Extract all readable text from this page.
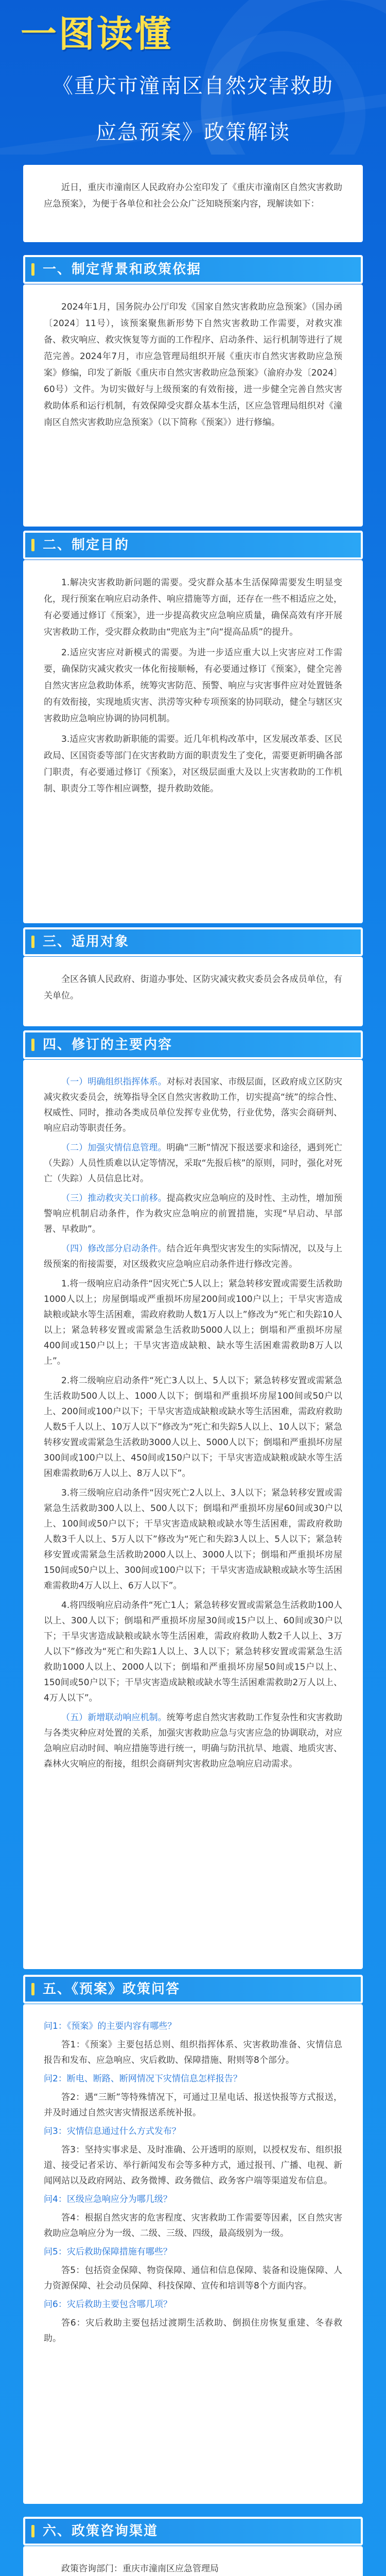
一图读懂
《重庆市潼南区自然灾害救助
应急预案》政策解读

近日，重庆市潼南区人民政府办公室印发了《重庆市潼南区自然灾害救助应急预案》，为便于各单位和社会公众广泛知晓预案内容，现解读如下：

一、制定背景和政策依据

2024年1月，国务院办公厅印发《国家自然灾害救助应急预案》（国办函〔2024〕11号），该预案聚焦新形势下自然灾害救助工作需要，对救灾准备、救灾响应、救灾恢复等方面的工作程序、启动条件、运行机制等进行了规范完善。2024年7月，市应急管理局组织开展《重庆市自然灾害救助应急预案》修编，印发了新版《重庆市自然灾害救助应急预案》（渝府办发〔2024〕60号）文件。为切实做好与上级预案的有效衔接，进一步健全完善自然灾害救助体系和运行机制，有效保障受灾群众基本生活，区应急管理局组织对《潼南区自然灾害救助应急预案》（以下简称《预案》）进行修编。

二、制定目的

1.解决灾害救助新问题的需要。受灾群众基本生活保障需要发生明显变化，现行预案在响应启动条件、响应措施等方面，还存在一些不相适应之处，有必要通过修订《预案》，进一步提高救灾应急响应质量，确保高效有序开展灾害救助工作，受灾群众救助由“兜底为主”向“提高品质”的提升。

2.适应灾害应对新模式的需要。为进一步适应重大以上灾害应对工作需要，确保防灾减灾救灾一体化衔接顺畅，有必要通过修订《预案》，健全完善自然灾害应急救助体系，统筹灾害防范、预警、响应与灾害事件应对处置链条的有效衔接，实现地质灾害、洪涝等灾种专项预案的协同联动，健全与辖区灾害救助应急响应协调的协同机制。

3.适应灾害救助新职能的需要。近几年机构改革中，区发展改革委、区民政局、区国资委等部门在灾害救助方面的职责发生了变化，需要更新明确各部门职责，有必要通过修订《预案》，对区级层面重大及以上灾害救助的工作机制、职责分工等作相应调整，提升救助效能。

三、适用对象

全区各镇人民政府、街道办事处、区防灾减灾救灾委员会各成员单位，有关单位。

四、修订的主要内容

（一）明确组织指挥体系。对标对表国家、市级层面，区政府成立区防灾减灾救灾委员会，统筹指导全区自然灾害救助工作，切实提高“统”的综合性、权威性、同时，推动各类成员单位发挥专业优势，行业优势，落实会商研判、响应启动等职责任务。

（二）加强灾情信息管理。明确“三断”情况下报送要求和途径，遇到死亡（失踪）人员性质难以认定等情况，采取“先报后核”的原则，同时，强化对死亡（失踪）人员信息比对。

（三）推动救灾关口前移。提高救灾应急响应的及时性、主动性，增加预警响应机制启动条件，作为救灾应急响应的前置措施，实现“早启动、早部署、早救助”。

（四）修改部分启动条件。结合近年典型灾害发生的实际情况，以及与上级预案的衔接需要，对区级救灾应急响应启动条件进行修改完善。

1.将一级响应启动条件“因灾死亡5人以上；紧急转移安置或需要生活救助1000人以上；房屋倒塌或严重损坏房屋200间或100户以上；干旱灾害造成缺粮或缺水等生活困难，需政府救助人数1万人以上”修改为“死亡和失踪10人以上；紧急转移安置或需紧急生活救助5000人以上；倒塌和严重损坏房屋400间或150户以上；干旱灾害造成缺粮、缺水等生活困难需救助8万人以上”。

2.将二级响应启动条件“死亡3人以上、5人以下；紧急转移安置或需紧急生活救助500人以上、1000人以下；倒塌和严重损坏房屋100间或50户以上、200间或100户以下；干旱灾害造成缺粮或缺水等生活困难，需政府救助人数5千人以上、10万人以下”修改为“死亡和失踪5人以上、10人以下；紧急转移安置或需紧急生活救助3000人以上、5000人以下；倒塌和严重损坏房屋300间或100户以上、450间或150户以下；干旱灾害造成缺粮或缺水等生活困难需救助6万人以上、8万人以下”。

3.将三级响应启动条件“因灾死亡2人以上、3人以下；紧急转移安置或需紧急生活救助300人以上、500人以下；倒塌和严重损坏房屋60间或30户以上、100间或50户以下；干旱灾害造成缺粮或缺水等生活困难，需政府救助人数3千人以上、5万人以下”修改为“死亡和失踪3人以上、5人以下；紧急转移安置或需紧急生活救助2000人以上、3000人以下；倒塌和严重损坏房屋150间或50户以上、300间或100户以下；干旱灾害造成缺粮或缺水等生活困难需救助4万人以上、6万人以下”。

4.将四级响应启动条件“死亡1人；紧急转移安置或需紧急生活救助100人以上、300人以下；倒塌和严重损坏房屋30间或15户以上、60间或30户以下；干旱灾害造成缺粮或缺水等生活困难，需政府救助人数2千人以上、3万人以下”修改为“死亡和失踪1人以上、3人以下；紧急转移安置或需紧急生活救助1000人以上、2000人以下；倒塌和严重损坏房屋50间或15户以上、150间或50户以下；干旱灾害造成缺粮或缺水等生活困难需救助2万人以上、4万人以下”。

（五）新增联动响应机制。统筹考虑自然灾害救助工作复杂性和灾害救助与各类灾种应对处置的关系，加强灾害救助应急与灾害应急的协调联动，对应急响应启动时间、响应措施等进行统一，明确与防汛抗旱、地震、地质灾害、森林火灾响应的衔接，组织会商研判灾害救助应急响应启动需求。

五、《预案》政策问答

问1：《预案》的主要内容有哪些？

答1：《预案》主要包括总则、组织指挥体系、灾害救助准备、灾情信息报告和发布、应急响应、灾后救助、保障措施、附则等8个部分。

问2：断电、断路、断网情况下灾情信息怎样报告？

答2：遇“三断”等特殊情况下，可通过卫星电话、报送快报等方式报送，并及时通过自然灾害灾情报送系统补报。

问3：灾情信息通过什么方式发布？

答3：坚持实事求是、及时准确、公开透明的原则，以授权发布、组织报道、接受记者采访、举行新闻发布会等多种方式，通过报刊、广播、电视、新闻网站以及政府网站、政务微博、政务微信、政务客户端等渠道发布信息。

问4：区级应急响应分为哪几级？

答4：根据自然灾害的危害程度、灾害救助工作需要等因素，区自然灾害救助应急响应分为一级、二级、三级、四级，最高级别为一级。

问5：灾后救助保障措施有哪些？

答5：包括资金保障、物资保障、通信和信息保障、装备和设施保障、人力资源保障、社会动员保障、科技保障、宣传和培训等8个方面内容。

问6：灾后救助主要包含哪几项？

答6：灾后救助主要包括过渡期生活救助、倒损住房恢复重建、冬春救助。

六、政策咨询渠道

政策咨询部门：重庆市潼南区应急管理局
